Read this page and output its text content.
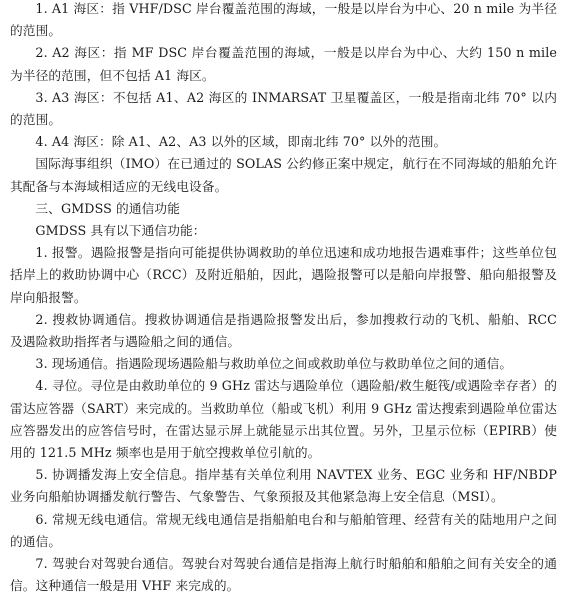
1. A1 海区：指 VHF/DSC 岸台覆盖范围的海域，一般是以岸台为中心、20 n mile 为半径的范围。

2. A2 海区：指 MF DSC 岸台覆盖范围的海域，一般是以岸台为中心、大约 150 n mile 为半径的范围，但不包括 A1 海区。

3. A3 海区：不包括 A1、A2 海区的 INMARSAT 卫星覆盖区，一般是指南北纬 70° 以内的范围。

4. A4 海区：除 A1、A2、A3 以外的区域，即南北纬 70° 以外的范围。

国际海事组织（IMO）在已通过的 SOLAS 公约修正案中规定，航行在不同海域的船舶允许其配备与本海域相适应的无线电设备。

三、GMDSS 的通信功能

GMDSS 具有以下通信功能：

1. 报警。遇险报警是指向可能提供协调救助的单位迅速和成功地报告遇难事件；这些单位包括岸上的救助协调中心（RCC）及附近船舶，因此，遇险报警可以是船向岸报警、船向船报警及岸向船报警。

2. 搜救协调通信。搜救协调通信是指遇险报警发出后，参加搜救行动的飞机、船舶、RCC 及遇险救助指挥者与遇险船之间的通信。

3. 现场通信。指遇险现场遇险船与救助单位之间或救助单位与救助单位之间的通信。

4. 寻位。寻位是由救助单位的 9 GHz 雷达与遇险单位（遇险船/救生艇筏/或遇险幸存者）的雷达应答器（SART）来完成的。当救助单位（船或飞机）利用 9 GHz 雷达搜索到遇险单位雷达应答器发出的应答信号时，在雷达显示屏上就能显示出其位置。另外，卫星示位标（EPIRB）使用的 121.5 MHz 频率也是用于航空搜救单位引航的。

5. 协调播发海上安全信息。指岸基有关单位利用 NAVTEX 业务、EGC 业务和 HF/NBDP 业务向船舶协调播发航行警告、气象警告、气象预报及其他紧急海上安全信息（MSI）。

6. 常规无线电通信。常规无线电通信是指船舶电台和与船舶管理、经营有关的陆地用户之间的通信。

7. 驾驶台对驾驶台通信。驾驶台对驾驶台通信是指海上航行时船舶和船舶之间有关安全的通信。这种通信一般是用 VHF 来完成的。
